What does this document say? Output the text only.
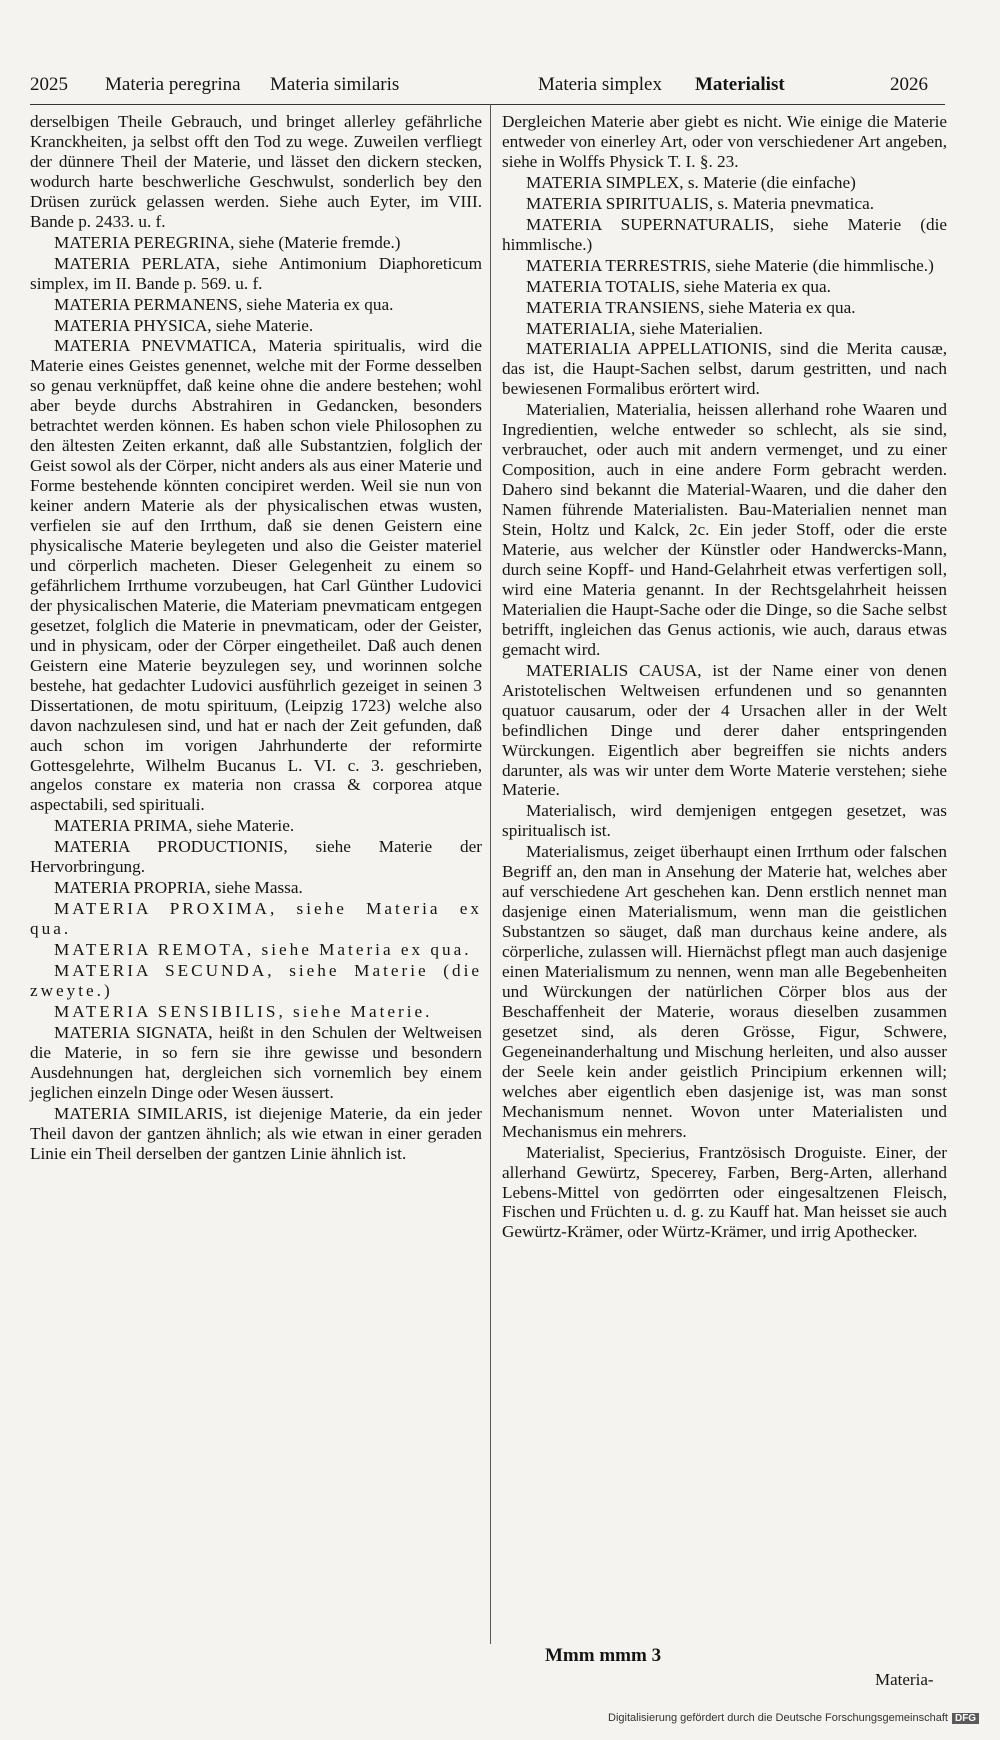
2025 Materia peregrina Materia similaris	Materia simplex Materialist	2026

derselbigen Theile Gebrauch, und bringet allerley gefährliche Kranckheiten, ja selbst offt den Tod zu wege. Zuweilen verfliegt der dünnere Theil der Materie, und lässet den dickern stecken, wodurch harte beschwerliche Geschwulst, sonderlich bey den Drüsen zurück gelassen werden. Siehe auch Eyter, im VIII. Bande p. 2433. u. f.

MATERIA PEREGRINA, siehe (Materie fremde.)

MATERIA PERLATA, siehe Antimonium Diaphoreticum simplex, im II. Bande p. 569. u. f.

MATERIA PERMANENS, siehe Materia ex qua.

MATERIA PHYSICA, siehe Materie.

MATERIA PNEVMATICA, Materia spiritualis, wird die Materie eines Geistes genennet, welche mit der Forme desselben so genau verknüpffet, daß keine ohne die andere bestehen; wohl aber beyde durchs Abstrahiren in Gedancken, besonders betrachtet werden können. Es haben schon viele Philosophen zu den ältesten Zeiten erkannt, daß alle Substantzien, folglich der Geist sowol als der Cörper, nicht anders als aus einer Materie und Forme bestehende könnten concipiret werden. Weil sie nun von keiner andern Materie als der physicalischen etwas wusten, verfielen sie auf den Irrthum, daß sie denen Geistern eine physicalische Materie beylegeten und also die Geister materiel und cörperlich macheten. Dieser Gelegenheit zu einem so gefährlichem Irrthume vorzubeugen, hat Carl Günther Ludovici der physicalischen Materie, die Materiam pnevmaticam entgegen gesetzet, folglich die Materie in pnevmaticam, oder der Geister, und in physicam, oder der Cörper eingetheilet. Daß auch denen Geistern eine Materie beyzulegen sey, und worinnen solche bestehe, hat gedachter Ludovici ausführlich gezeiget in seinen 3 Dissertationen, de motu spirituum, (Leipzig 1723) welche also davon nachzulesen sind, und hat er nach der Zeit gefunden, daß auch schon im vorigen Jahrhunderte der reformirte Gottesgelehrte, Wilhelm Bucanus L. VI. c. 3. geschrieben, angelos constare ex materia non crassa & corporea atque aspectabili, sed spirituali.

MATERIA PRIMA, siehe Materie.

MATERIA PRODUCTIONIS, siehe Materie der Hervorbringung.

MATERIA PROPRIA, siehe Massa.

MATERIA PROXIMA, siehe Materia ex qua.

MATERIA REMOTA, siehe Materia ex qua.

MATERIA SECUNDA, siehe Materie (die zweyte.)

MATERIA SENSIBILIS, siehe Materie.

MATERIA SIGNATA, heißt in den Schulen der Weltweisen die Materie, in so fern sie ihre gewisse und besondern Ausdehnungen hat, dergleichen sich vornemlich bey einem jeglichen einzeln Dinge oder Wesen äussert.

MATERIA SIMILARIS, ist diejenige Materie, da ein jeder Theil davon der gantzen ähnlich; als wie etwan in einer geraden Linie ein Theil derselben der gantzen Linie ähnlich ist.

Dergleichen Materie aber giebt es nicht. Wie einige die Materie entweder von einerley Art, oder von verschiedener Art angeben, siehe in Wolffs Physick T. I. §. 23.

MATERIA SIMPLEX, s. Materie (die einfache)

MATERIA SPIRITUALIS, s. Materia pnevmatica.

MATERIA SUPERNATURALIS, siehe Materie (die himmlische.)

MATERIA TERRESTRIS, siehe Materie (die himmlische.)

MATERIA TOTALIS, siehe Materia ex qua.

MATERIA TRANSIENS, siehe Materia ex qua.

MATERIALIA, siehe Materialien.

MATERIALIA APPELLATIONIS, sind die Merita causæ, das ist, die Haupt-Sachen selbst, darum gestritten, und nach bewiesenen Formalibus erörtert wird.

Materialien, Materialia, heissen allerhand rohe Waaren und Ingredientien, welche entweder so schlecht, als sie sind, verbrauchet, oder auch mit andern vermenget, und zu einer Composition, auch in eine andere Form gebracht werden. Dahero sind bekannt die Material-Waaren, und die daher den Namen führende Materialisten. Bau-Materialien nennet man Stein, Holtz und Kalck, 2c. Ein jeder Stoff, oder die erste Materie, aus welcher der Künstler oder Handwercks-Mann, durch seine Kopff- und Hand-Gelahrheit etwas verfertigen soll, wird eine Materia genannt. In der Rechtsgelahrheit heissen Materialien die Haupt-Sache oder die Dinge, so die Sache selbst betrifft, ingleichen das Genus actionis, wie auch, daraus etwas gemacht wird.

MATERIALIS CAUSA, ist der Name einer von denen Aristotelischen Weltweisen erfundenen und so genannten quatuor causarum, oder der 4 Ursachen aller in der Welt befindlichen Dinge und derer daher entspringenden Würckungen. Eigentlich aber begreiffen sie nichts anders darunter, als was wir unter dem Worte Materie verstehen; siehe Materie.

Materialisch, wird demjenigen entgegen gesetzet, was spiritualisch ist.

Materialismus, zeiget überhaupt einen Irrthum oder falschen Begriff an, den man in Ansehung der Materie hat, welches aber auf verschiedene Art geschehen kan. Denn erstlich nennet man dasjenige einen Materialismum, wenn man die geistlichen Substantzen so säuget, daß man durchaus keine andere, als cörperliche, zulassen will. Hiernächst pflegt man auch dasjenige einen Materialismum zu nennen, wenn man alle Begebenheiten und Würckungen der natürlichen Cörper blos aus der Beschaffenheit der Materie, woraus dieselben zusammen gesetzet sind, als deren Grösse, Figur, Schwere, Gegeneinanderhaltung und Mischung herleiten, und also ausser der Seele kein ander geistlich Principium erkennen will; welches aber eigentlich eben dasjenige ist, was man sonst Mechanismum nennet. Wovon unter Materialisten und Mechanismus ein mehrers.

Materialist, Specierius, Frantzösisch Droguiste. Einer, der allerhand Gewürtz, Specerey, Farben, Berg-Arten, allerhand Lebens-Mittel von gedörrten oder eingesaltzenen Fleisch, Fischen und Früchten u. d. g. zu Kauff hat. Man heisset sie auch Gewürtz-Krämer, oder Würtz-Krämer, und irrig Apothecker.

Mmm mmm 3
Materia-
Digitalisierung gefördert durch die Deutsche Forschungsgemeinschaft DFG
